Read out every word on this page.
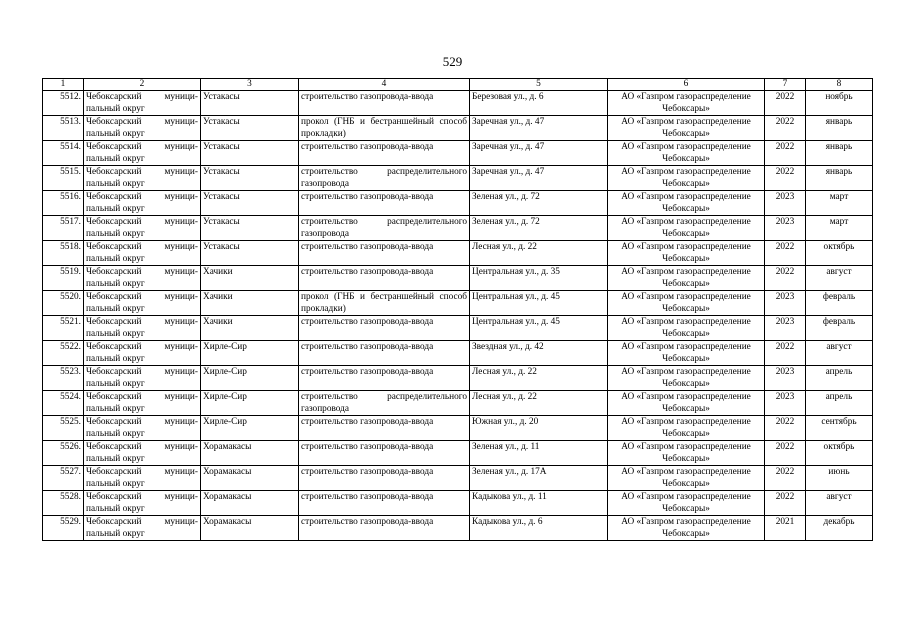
529
1	2	3	4	5	6	7	8
5512.	Чебоксарский муници-пальный округ	Устакасы	строительство газопровода-ввода	Березовая ул., д. 6	АО «Газпром газораспределение Чебоксары»	2022	ноябрь
5513.	Чебоксарский муници-пальный округ	Устакасы	прокол (ГНБ и бестраншейный способ прокладки)	Заречная ул., д. 47	АО «Газпром газораспределение Чебоксары»	2022	январь
5514.	Чебоксарский муници-пальный округ	Устакасы	строительство газопровода-ввода	Заречная ул., д. 47	АО «Газпром газораспределение Чебоксары»	2022	январь
5515.	Чебоксарский муници-пальный округ	Устакасы	строительство распределительного газопровода	Заречная ул., д. 47	АО «Газпром газораспределение Чебоксары»	2022	январь
5516.	Чебоксарский муници-пальный округ	Устакасы	строительство газопровода-ввода	Зеленая ул., д. 72	АО «Газпром газораспределение Чебоксары»	2023	март
5517.	Чебоксарский муници-пальный округ	Устакасы	строительство распределительного газопровода	Зеленая ул., д. 72	АО «Газпром газораспределение Чебоксары»	2023	март
5518.	Чебоксарский муници-пальный округ	Устакасы	строительство газопровода-ввода	Лесная ул., д. 22	АО «Газпром газораспределение Чебоксары»	2022	октябрь
5519.	Чебоксарский муници-пальный округ	Хачики	строительство газопровода-ввода	Центральная ул., д. 35	АО «Газпром газораспределение Чебоксары»	2022	август
5520.	Чебоксарский муници-пальный округ	Хачики	прокол (ГНБ и бестраншейный способ прокладки)	Центральная ул., д. 45	АО «Газпром газораспределение Чебоксары»	2023	февраль
5521.	Чебоксарский муници-пальный округ	Хачики	строительство газопровода-ввода	Центральная ул., д. 45	АО «Газпром газораспределение Чебоксары»	2023	февраль
5522.	Чебоксарский муници-пальный округ	Хирле-Сир	строительство газопровода-ввода	Звездная ул., д. 42	АО «Газпром газораспределение Чебоксары»	2022	август
5523.	Чебоксарский муници-пальный округ	Хирле-Сир	строительство газопровода-ввода	Лесная ул., д. 22	АО «Газпром газораспределение Чебоксары»	2023	апрель
5524.	Чебоксарский муници-пальный округ	Хирле-Сир	строительство распределительного газопровода	Лесная ул., д. 22	АО «Газпром газораспределение Чебоксары»	2023	апрель
5525.	Чебоксарский муници-пальный округ	Хирле-Сир	строительство газопровода-ввода	Южная ул., д. 20	АО «Газпром газораспределение Чебоксары»	2022	сентябрь
5526.	Чебоксарский муници-пальный округ	Хорамакасы	строительство газопровода-ввода	Зеленая ул., д. 11	АО «Газпром газораспределение Чебоксары»	2022	октябрь
5527.	Чебоксарский муници-пальный округ	Хорамакасы	строительство газопровода-ввода	Зеленая ул., д. 17А	АО «Газпром газораспределение Чебоксары»	2022	июнь
5528.	Чебоксарский муници-пальный округ	Хорамакасы	строительство газопровода-ввода	Кадыкова ул., д. 11	АО «Газпром газораспределение Чебоксары»	2022	август
5529.	Чебоксарский муници-пальный округ	Хорамакасы	строительство газопровода-ввода	Кадыкова ул., д. 6	АО «Газпром газораспределение Чебоксары»	2021	декабрь
